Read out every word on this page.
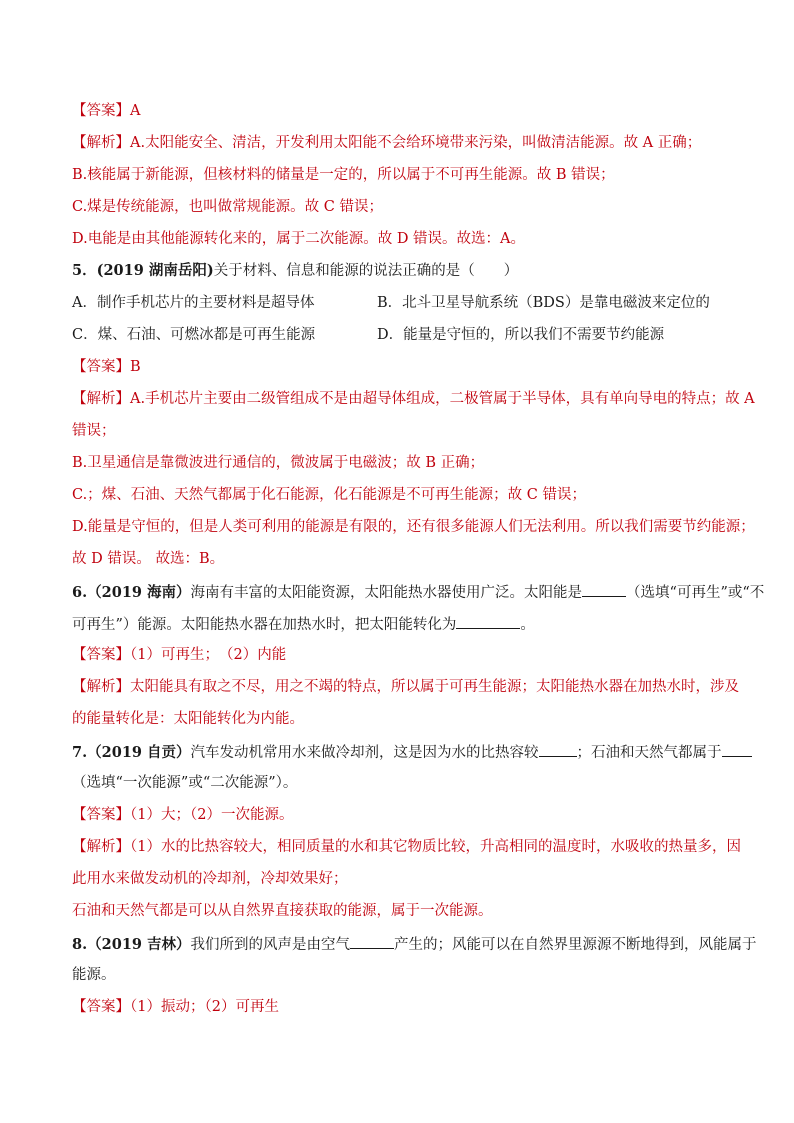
【答案】A
【解析】A.太阳能安全、清洁，开发利用太阳能不会给环境带来污染，叫做清洁能源。故 A 正确；
B.核能属于新能源，但核材料的储量是一定的，所以属于不可再生能源。故 B 错误；
C.煤是传统能源，也叫做常规能源。故 C 错误；
D.电能是由其他能源转化来的，属于二次能源。故 D 错误。故选：A。
5．(2019 湖南岳阳)关于材料、信息和能源的说法正确的是（　　）
A．制作手机芯片的主要材料是超导体	B．北斗卫星导航系统（BDS）是靠电磁波来定位的
C．煤、石油、可燃冰都是可再生能源	D．能量是守恒的，所以我们不需要节约能源
【答案】B
【解析】A.手机芯片主要由二级管组成不是由超导体组成，二极管属于半导体，具有单向导电的特点；故 A
错误；
B.卫星通信是靠微波进行通信的，微波属于电磁波；故 B 正确；
C.；煤、石油、天然气都属于化石能源，化石能源是不可再生能源；故 C 错误；
D.能量是守恒的，但是人类可利用的能源是有限的，还有很多能源人们无法利用。所以我们需要节约能源；
故 D 错误。 故选：B。
6.（2019 海南）海南有丰富的太阳能资源，太阳能热水器使用广泛。太阳能是	（选填“可再生”或“不
可再生”）能源。太阳能热水器在加热水时，把太阳能转化为	。
【答案】（1）可再生；　（2）内能
【解析】太阳能具有取之不尽，用之不竭的特点，所以属于可再生能源；太阳能热水器在加热水时，涉及
的能量转化是：太阳能转化为内能。
7.（2019 自贡）汽车发动机常用水来做冷却剂，这是因为水的比热容较	；石油和天然气都属于
（选填“一次能源”或“二次能源”）。
【答案】（1）大；（2）一次能源。
【解析】（1）水的比热容较大，相同质量的水和其它物质比较，升高相同的温度时，水吸收的热量多，因
此用水来做发动机的冷却剂，冷却效果好；
石油和天然气都是可以从自然界直接获取的能源，属于一次能源。
8.（2019 吉林）我们所到的风声是由空气	产生的；风能可以在自然界里源源不断地得到，风能属于
能源。
【答案】（1）振动；（2）可再生
